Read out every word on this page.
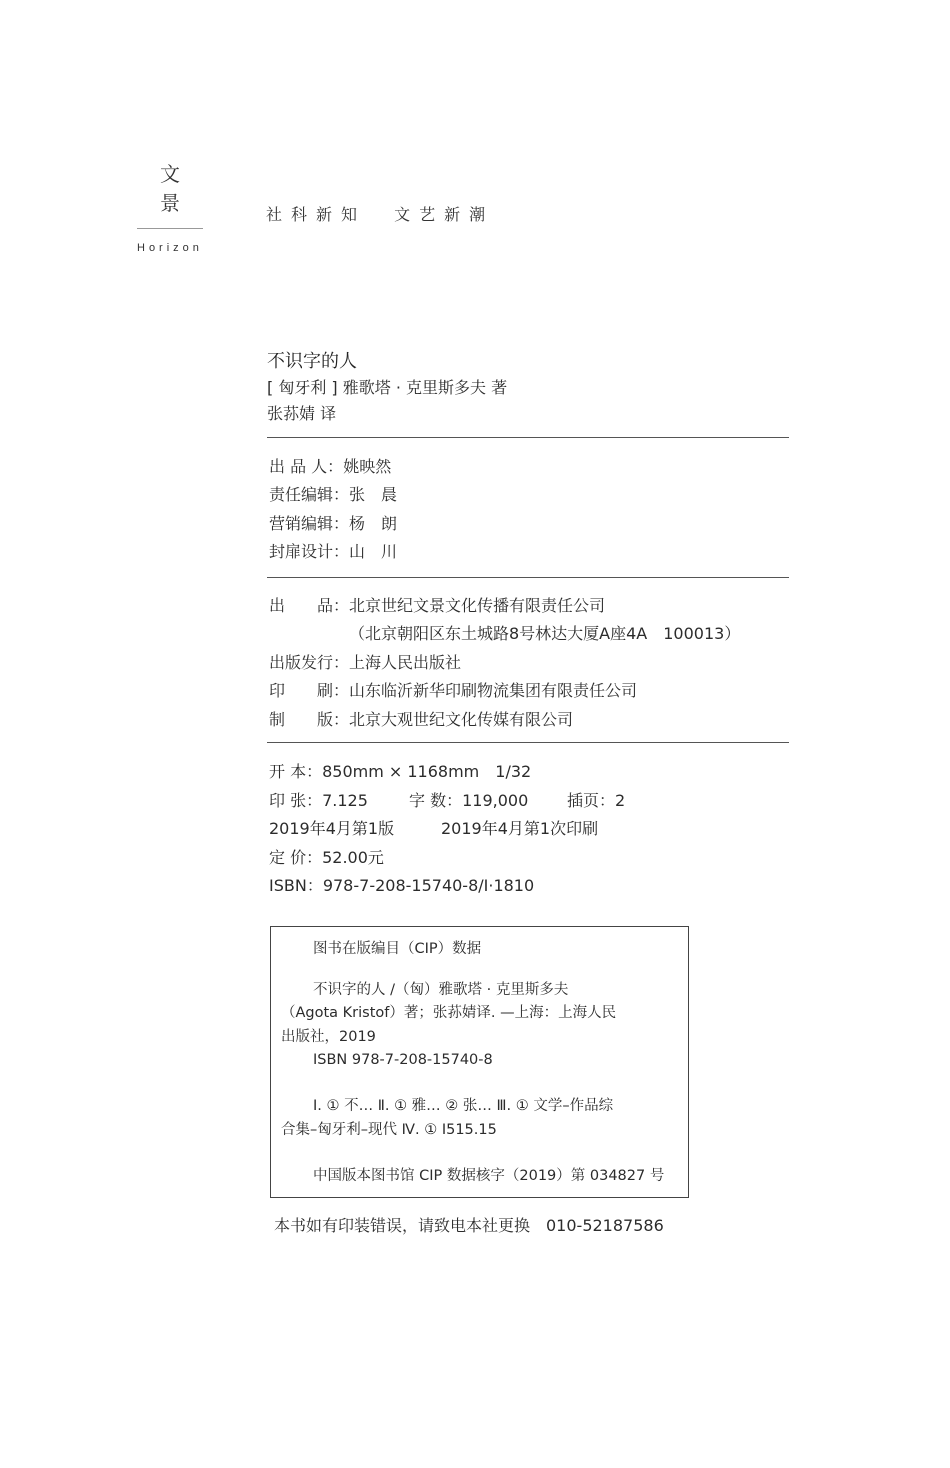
文
景
Horizon
社科新知  文艺新潮
不识字的人
[ 匈牙利 ] 雅歌塔 · 克里斯多夫 著
张荪婧 译
出 品 人：姚映然
责任编辑：张　晨
营销编辑：杨　朗
封扉设计：山　川
出　　品：北京世纪文景文化传播有限责任公司
（北京朝阳区东土城路8号林达大厦A座4A　100013）
出版发行：上海人民出版社
印　　刷：山东临沂新华印刷物流集团有限责任公司
制　　版：北京大观世纪文化传媒有限公司
开 本：850mm × 1168mm　1/32
印 张：7.125	字 数：119,000 插页：2
2019年4月第1版	2019年4月第1次印刷
定 价：52.00元
ISBN：978-7-208-15740-8/I·1810
图书在版编目（CIP）数据
不识字的人 /（匈）雅歌塔 · 克里斯多夫
（Agota Kristof）著；张荪婧译. —上海：上海人民
出版社，2019
ISBN 978-7-208-15740-8
Ⅰ. ① 不… Ⅱ. ① 雅… ② 张… Ⅲ. ① 文学–作品综
合集–匈牙利–现代 Ⅳ. ① I515.15
中国版本图书馆 CIP 数据核字（2019）第 034827 号
本书如有印装错误，请致电本社更换　010-52187586
